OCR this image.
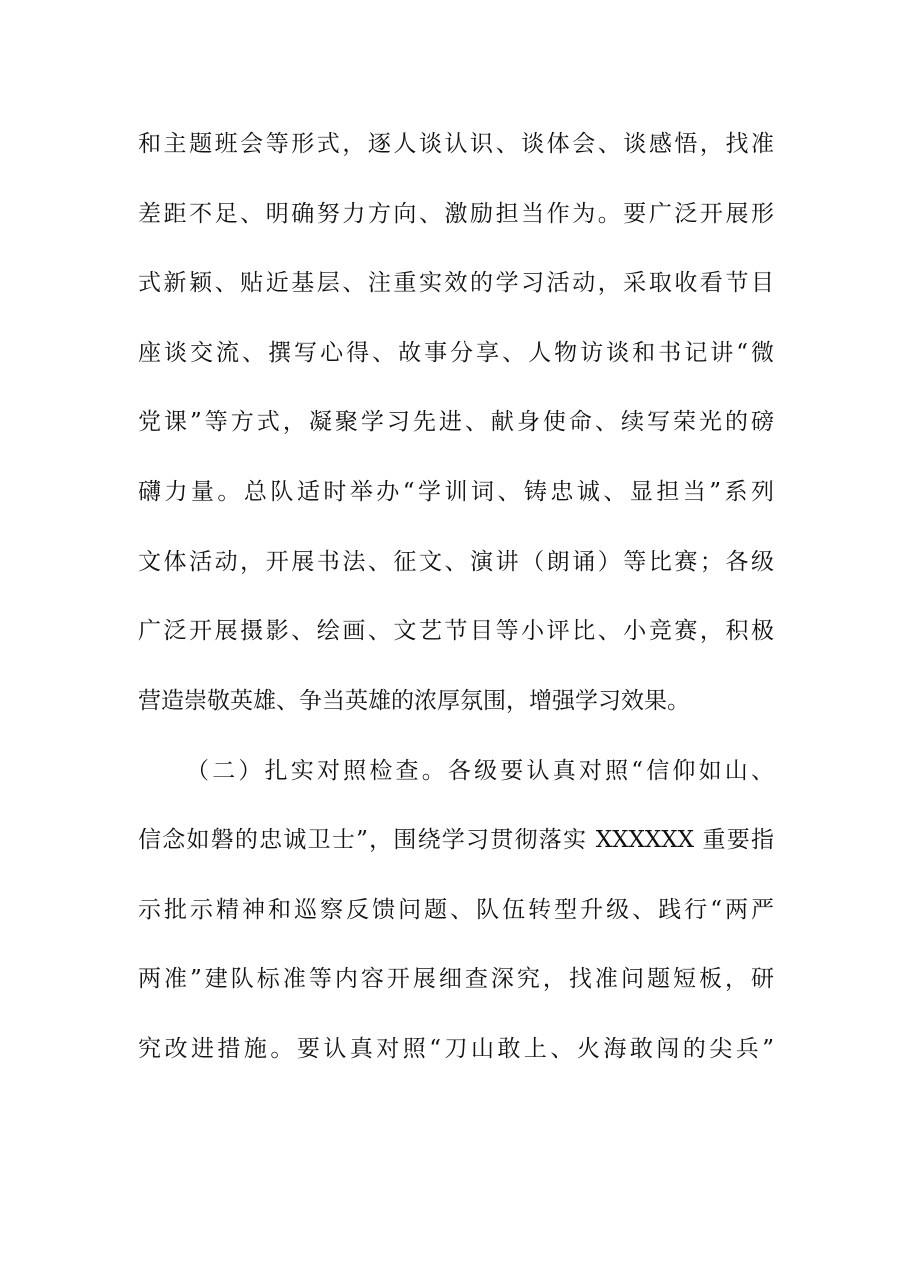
和主题班会等形式，逐人谈认识、谈体会、谈感悟，找准
差距不足、明确努力方向、激励担当作为。要广泛开展形
式新颖、贴近基层、注重实效的学习活动，采取收看节目
座谈交流、撰写心得、故事分享、人物访谈和书记讲“微
党课”等方式，凝聚学习先进、献身使命、续写荣光的磅
礴力量。总队适时举办“学训词、铸忠诚、显担当”系列
文体活动，开展书法、征文、演讲（朗诵）等比赛；各级
广泛开展摄影、绘画、文艺节目等小评比、小竞赛，积极
营造崇敬英雄、争当英雄的浓厚氛围，增强学习效果。
（二）扎实对照检查。各级要认真对照“信仰如山、
信念如磐的忠诚卫士”，围绕学习贯彻落实 XXXXXX 重要指
示批示精神和巡察反馈问题、队伍转型升级、践行“两严
两准”建队标准等内容开展细查深究，找准问题短板，研
究改进措施。要认真对照“刀山敢上、火海敢闯的尖兵”
